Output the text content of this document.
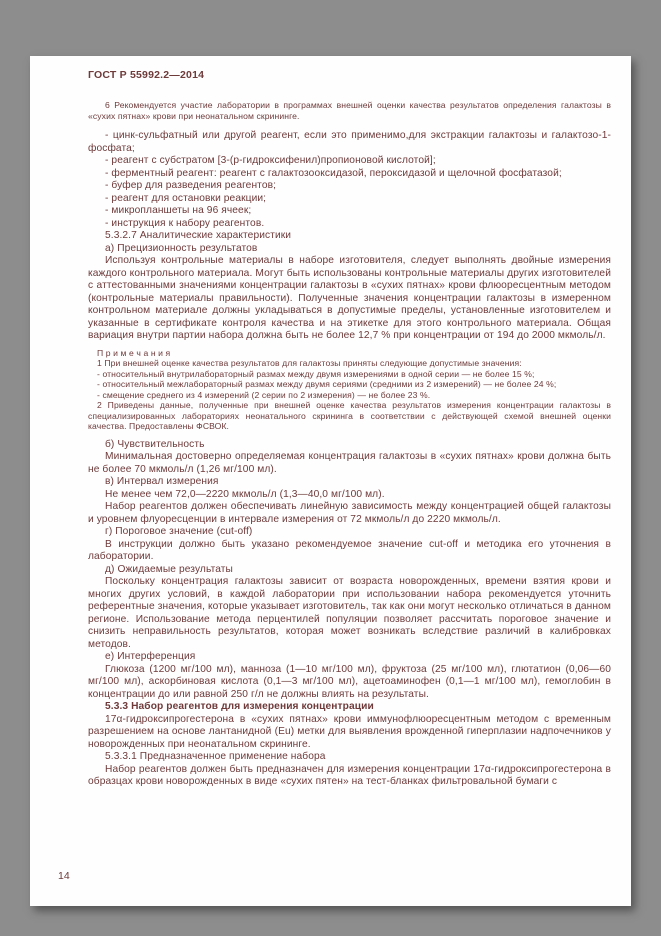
ГОСТ Р 55992.2—2014

6 Рекомендуется участие лаборатории в программах внешней оценки качества результатов определения галактозы в «сухих пятнах» крови при неонатальном скрининге.

- цинк-сульфатный или другой реагент, если это применимо,для экстракции галактозы и галактозо-1-фосфата;

- реагент с субстратом [3-(р-гидроксифенил)пропионовой кислотой];

- ферментный реагент: реагент с галактозооксидазой, пероксидазой и щелочной фосфатазой;

- буфер для разведения реагентов;

- реагент для остановки реакции;

- микропланшеты на 96 ячеек;

- инструкция к набору реагентов.

5.3.2.7 Аналитические характеристики

а) Прецизионность результатов

Используя контрольные материалы в наборе изготовителя, следует выполнять двойные измерения каждого контрольного материала. Могут быть использованы контрольные материалы других изготовителей с аттестованными значениями концентрации галактозы в «сухих пятнах» крови флюоресцентным методом (контрольные материалы правильности). Полученные значения концентрации галактозы в измеренном контрольном материале должны укладываться в допустимые пределы, установленные изготовителем и указанные в сертификате контроля качества и на этикетке для этого контрольного материала. Общая вариация внутри партии набора должна быть не более 12,7 % при концентрации от 194 до 2000 мкмоль/л.

П р и м е ч а н и я

1 При внешней оценке качества результатов для галактозы приняты следующие допустимые значения:

- относительный внутрилабораторный размах между двумя измерениями в одной серии — не более 15 %;

- относительный межлабораторный размах между двумя сериями (средними из 2 измерений) — не более 24 %;

- смещение среднего из 4 измерений (2 серии по 2 измерения) — не более 23 %.

2 Приведены данные, полученные при внешней оценке качества результатов измерения концентрации галактозы в специализированных лабораториях неонатального скрининга в соответствии с действующей схемой внешней оценки качества. Предоставлены ФСВОК.

б) Чувствительность

Минимальная достоверно определяемая концентрация галактозы в «сухих пятнах» крови должна быть не более 70 мкмоль/л (1,26 мг/100 мл).

в) Интервал измерения

Не менее чем 72,0—2220 мкмоль/л (1,3—40,0 мг/100 мл).

Набор реагентов должен обеспечивать линейную зависимость между концентрацией общей галактозы и уровнем флуоресценции в интервале измерения от 72 мкмоль/л до 2220 мкмоль/л.

г) Пороговое значение (cut-off)

В инструкции должно быть указано рекомендуемое значение cut-off и методика его уточнения в лаборатории.

д) Ожидаемые результаты

Поскольку концентрация галактозы зависит от возраста новорожденных, времени взятия крови и многих других условий, в каждой лаборатории при использовании набора рекомендуется уточнить референтные значения, которые указывает изготовитель, так как они могут несколько отличаться в данном регионе. Использование метода перцентилей популяции позволяет рассчитать пороговое значение и снизить неправильность результатов, которая может возникать вследствие различий в калибровках методов.

е) Интерференция

Глюкоза (1200 мг/100 мл), манноза (1—10 мг/100 мл), фруктоза (25 мг/100 мл), глютатион (0,06—60 мг/100 мл), аскорбиновая кислота (0,1—3 мг/100 мл), ацетоаминофен (0,1—1 мг/100 мл), гемоглобин в концентрации до или равной 250 г/л не должны влиять на результаты.

5.3.3 Набор реагентов для измерения концентрации

17α-гидроксипрогестерона в «сухих пятнах» крови иммунофлюоресцентным методом с временным разрешением на основе лантанидной (Eu) метки для выявления врожденной гиперплазии надпочечников у новорожденных при неонатальном скрининге.

5.3.3.1 Предназначенное применение набора

Набор реагентов должен быть предназначен для измерения концентрации 17α-гидроксипрогестерона в образцах крови новорожденных в виде «сухих пятен» на тест-бланках фильтровальной бумаги с

14
